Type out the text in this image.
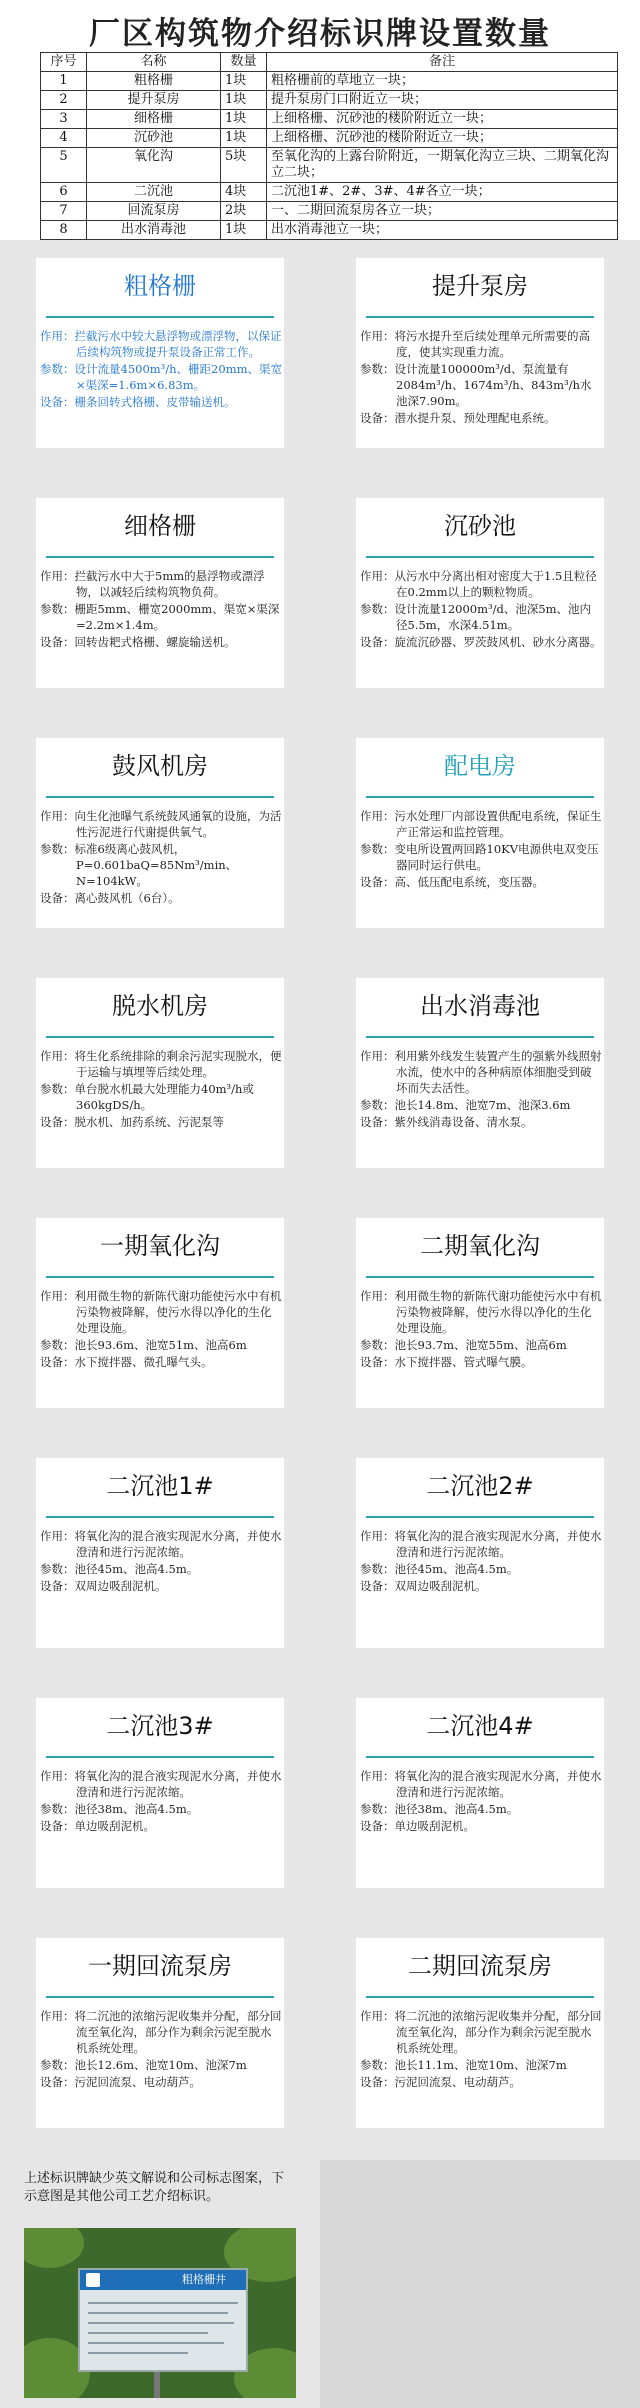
厂区构筑物介绍标识牌设置数量
序号	名称	数量	备注
1	粗格栅	1块	粗格栅前的草地立一块；
2	提升泵房	1块	提升泵房门口附近立一块；
3	细格栅	1块	上细格栅、沉砂池的楼阶附近立一块；
4	沉砂池	1块	上细格栅、沉砂池的楼阶附近立一块；
5	氧化沟	5块	至氧化沟的上露台阶附近，一期氧化沟立三块、二期氧化沟立二块；
6	二沉池	4块	二沉池1#、2#、3#、4#各立一块；
7	回流泵房	2块	一、二期回流泵房各立一块；
8	出水消毒池	1块	出水消毒池立一块；
粗格栅

作用：拦截污水中较大悬浮物或漂浮物，以保证后续构筑物或提升泵设备正常工作。

参数：设计流量4500m³/h、栅距20mm、渠宽×渠深=1.6m×6.83m。

设备：栅条回转式格栅、皮带输送机。

提升泵房

作用：将污水提升至后续处理单元所需要的高度，使其实现重力流。

参数：设计流量100000m³/d、泵流量有2084m³/h、1674m³/h、843m³/h水池深7.90m。

设备：潜水提升泵、预处理配电系统。

细格栅

作用：拦截污水中大于5mm的悬浮物或漂浮物，以减轻后续构筑物负荷。

参数：栅距5mm、栅宽2000mm、渠宽×渠深=2.2m×1.4m。

设备：回转齿耙式格栅、螺旋输送机。

沉砂池

作用：从污水中分离出相对密度大于1.5且粒径在0.2mm以上的颗粒物质。

参数：设计流量12000m³/d、池深5m、池内径5.5m，水深4.51m。

设备：旋流沉砂器、罗茨鼓风机、砂水分离器。

鼓风机房

作用：向生化池曝气系统鼓风通氧的设施，为活性污泥进行代谢提供氧气。

参数：标准6级离心鼓风机，P=0.601baQ=85Nm³/min、N=104kW。

设备：离心鼓风机（6台）。

配电房

作用：污水处理厂内部设置供配电系统，保证生产正常运和监控管理。

参数：变电所设置两回路10KV电源供电双变压器同时运行供电。

设备：高、低压配电系统，变压器。

脱水机房

作用：将生化系统排除的剩余污泥实现脱水，便于运输与填埋等后续处理。

参数：单台脱水机最大处理能力40m³/h或360kgDS/h。

设备：脱水机、加药系统、污泥泵等

出水消毒池

作用：利用紫外线发生装置产生的强紫外线照射水流，使水中的各种病原体细胞受到破坏而失去活性。

参数：池长14.8m、池宽7m、池深3.6m

设备：紫外线消毒设备、清水泵。

一期氧化沟

作用：利用微生物的新陈代谢功能使污水中有机污染物被降解，使污水得以净化的生化处理设施。

参数：池长93.6m、池宽51m、池高6m

设备：水下搅拌器、微孔曝气头。

二期氧化沟

作用：利用微生物的新陈代谢功能使污水中有机污染物被降解，使污水得以净化的生化处理设施。

参数：池长93.7m、池宽55m、池高6m

设备：水下搅拌器、管式曝气膜。

二沉池1#

作用：将氧化沟的混合液实现泥水分离，并使水澄清和进行污泥浓缩。

参数：池径45m、池高4.5m。

设备：双周边吸刮泥机。

二沉池2#

作用：将氧化沟的混合液实现泥水分离，并使水澄清和进行污泥浓缩。

参数：池径45m、池高4.5m。

设备：双周边吸刮泥机。

二沉池3#

作用：将氧化沟的混合液实现泥水分离，并使水澄清和进行污泥浓缩。

参数：池径38m、池高4.5m。

设备：单边吸刮泥机。

二沉池4#

作用：将氧化沟的混合液实现泥水分离，并使水澄清和进行污泥浓缩。

参数：池径38m、池高4.5m。

设备：单边吸刮泥机。

一期回流泵房

作用：将二沉池的浓缩污泥收集并分配，部分回流至氧化沟，部分作为剩余污泥至脱水机系统处理。

参数：池长12.6m、池宽10m、池深7m

设备：污泥回流泵、电动葫芦。

二期回流泵房

作用：将二沉池的浓缩污泥收集并分配，部分回流至氧化沟，部分作为剩余污泥至脱水机系统处理。

参数：池长11.1m、池宽10m、池深7m

设备：污泥回流泵、电动葫芦。

上述标识牌缺少英文解说和公司标志图案，下示意图是其他公司工艺介绍标识。
粗格栅井
